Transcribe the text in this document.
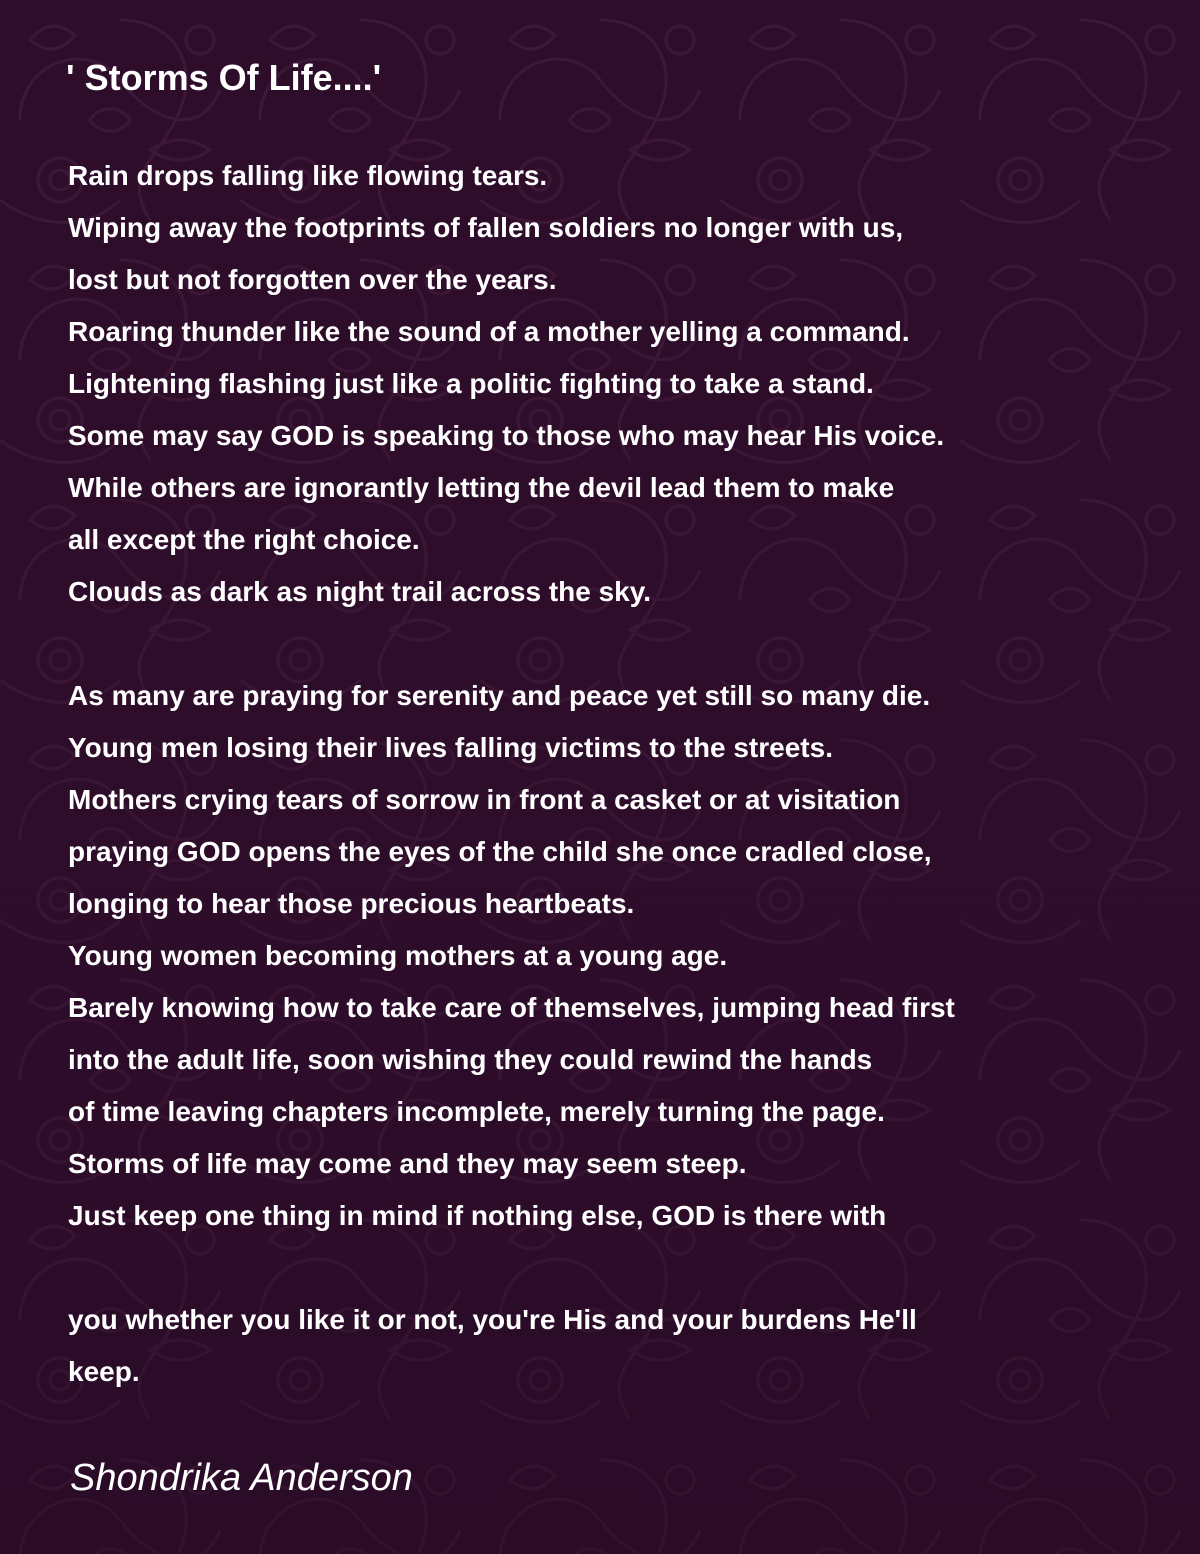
' Storms Of Life....'
Rain drops falling like flowing tears.
Wiping away the footprints of fallen soldiers no longer with us,
lost but not forgotten over the years.
Roaring thunder like the sound of a mother yelling a command.
Lightening flashing just like a politic fighting to take a stand.
Some may say GOD is speaking to those who may hear His voice.
While others are ignorantly letting the devil lead them to make
all except the right choice.
Clouds as dark as night trail across the sky.
As many are praying for serenity and peace yet still so many die.
Young men losing their lives falling victims to the streets.
Mothers crying tears of sorrow in front a casket or at visitation
praying GOD opens the eyes of the child she once cradled close,
longing to hear those precious heartbeats.
Young women becoming mothers at a young age.
Barely knowing how to take care of themselves, jumping head first
into the adult life, soon wishing they could rewind the hands
of time leaving chapters incomplete, merely turning the page.
Storms of life may come and they may seem steep.
Just keep one thing in mind if nothing else, GOD is there with
you whether you like it or not, you're His and your burdens He'll
keep.

Shondrika Anderson
